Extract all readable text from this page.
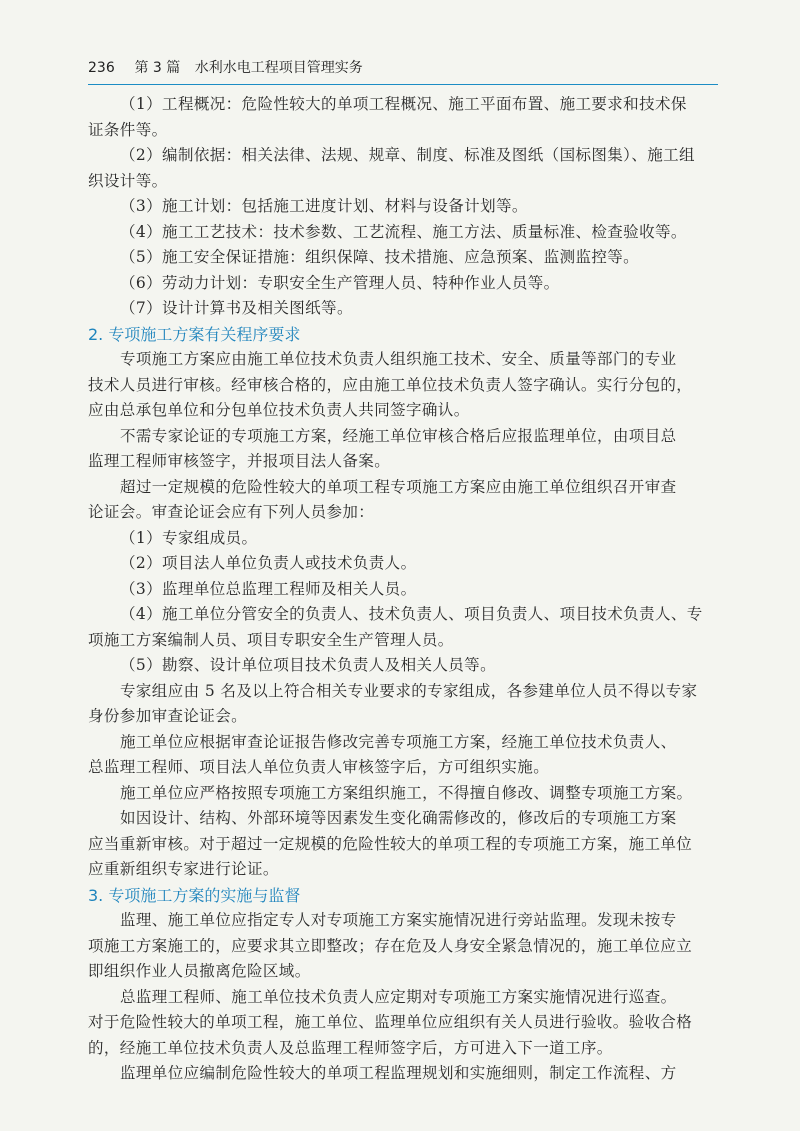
236 第 3 篇 水利水电工程项目管理实务
（1）工程概况：危险性较大的单项工程概况、施工平面布置、施工要求和技术保
证条件等。
（2）编制依据：相关法律、法规、规章、制度、标准及图纸（国标图集）、施工组
织设计等。
（3）施工计划：包括施工进度计划、材料与设备计划等。
（4）施工工艺技术：技术参数、工艺流程、施工方法、质量标准、检查验收等。
（5）施工安全保证措施：组织保障、技术措施、应急预案、监测监控等。
（6）劳动力计划：专职安全生产管理人员、特种作业人员等。
（7）设计计算书及相关图纸等。
2. 专项施工方案有关程序要求
专项施工方案应由施工单位技术负责人组织施工技术、安全、质量等部门的专业
技术人员进行审核。经审核合格的，应由施工单位技术负责人签字确认。实行分包的，
应由总承包单位和分包单位技术负责人共同签字确认。
不需专家论证的专项施工方案，经施工单位审核合格后应报监理单位，由项目总
监理工程师审核签字，并报项目法人备案。
超过一定规模的危险性较大的单项工程专项施工方案应由施工单位组织召开审查
论证会。审查论证会应有下列人员参加：
（1）专家组成员。
（2）项目法人单位负责人或技术负责人。
（3）监理单位总监理工程师及相关人员。
（4）施工单位分管安全的负责人、技术负责人、项目负责人、项目技术负责人、专
项施工方案编制人员、项目专职安全生产管理人员。
（5）勘察、设计单位项目技术负责人及相关人员等。
专家组应由 5 名及以上符合相关专业要求的专家组成，各参建单位人员不得以专家
身份参加审查论证会。
施工单位应根据审查论证报告修改完善专项施工方案，经施工单位技术负责人、
总监理工程师、项目法人单位负责人审核签字后，方可组织实施。
施工单位应严格按照专项施工方案组织施工，不得擅自修改、调整专项施工方案。
如因设计、结构、外部环境等因素发生变化确需修改的，修改后的专项施工方案
应当重新审核。对于超过一定规模的危险性较大的单项工程的专项施工方案，施工单位
应重新组织专家进行论证。
3. 专项施工方案的实施与监督
监理、施工单位应指定专人对专项施工方案实施情况进行旁站监理。发现未按专
项施工方案施工的，应要求其立即整改；存在危及人身安全紧急情况的，施工单位应立
即组织作业人员撤离危险区域。
总监理工程师、施工单位技术负责人应定期对专项施工方案实施情况进行巡查。
对于危险性较大的单项工程，施工单位、监理单位应组织有关人员进行验收。验收合格
的，经施工单位技术负责人及总监理工程师签字后，方可进入下一道工序。
监理单位应编制危险性较大的单项工程监理规划和实施细则，制定工作流程、方
